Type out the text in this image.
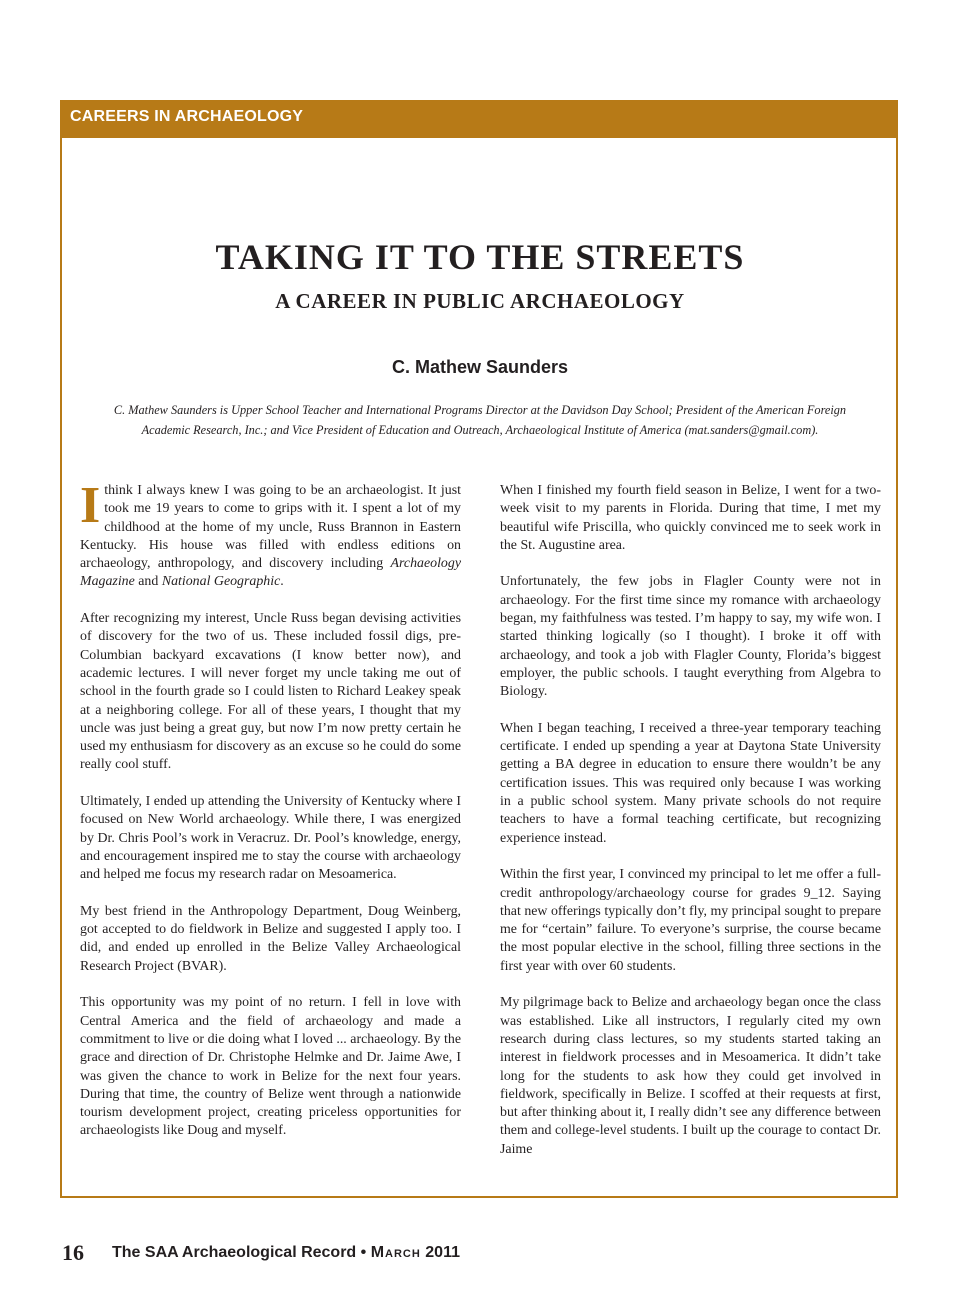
CAREERS IN ARCHAEOLOGY
TAKING IT TO THE STREETS
A CAREER IN PUBLIC ARCHAEOLOGY
C. Mathew Saunders
C. Mathew Saunders is Upper School Teacher and International Programs Director at the Davidson Day School; President of the American Foreign
Academic Research, Inc.; and Vice President of Education and Outreach, Archaeological Institute of America (mat.sanders@gmail.com).

Ithink I always knew I was going to be an archaeologist. It just took me 19 years to come to grips with it. I spent a lot of my childhood at the home of my uncle, Russ Brannon in Eastern Kentucky. His house was filled with endless editions on archaeology, anthropology, and discovery including Archaeology Magazine and National Geographic.

After recognizing my interest, Uncle Russ began devising activities of discovery for the two of us. These included fossil digs, pre-Columbian backyard excavations (I know better now), and academic lectures. I will never forget my uncle taking me out of school in the fourth grade so I could listen to Richard Leakey speak at a neighboring college. For all of these years, I thought that my uncle was just being a great guy, but now I’m now pretty certain he used my enthusiasm for discovery as an excuse so he could do some really cool stuff.

Ultimately, I ended up attending the University of Kentucky where I focused on New World archaeology. While there, I was energized by Dr. Chris Pool’s work in Veracruz. Dr. Pool’s knowledge, energy, and encouragement inspired me to stay the course with archaeology and helped me focus my research radar on Mesoamerica.

My best friend in the Anthropology Department, Doug Weinberg, got accepted to do fieldwork in Belize and suggested I apply too. I did, and ended up enrolled in the Belize Valley Archaeological Research Project (BVAR).

This opportunity was my point of no return. I fell in love with Central America and the field of archaeology and made a commitment to live or die doing what I loved ... archaeology. By the grace and direction of Dr. Christophe Helmke and Dr. Jaime Awe, I was given the chance to work in Belize for the next four years. During that time, the country of Belize went through a nationwide tourism development project, creating priceless opportunities for archaeologists like Doug and myself.

When I finished my fourth field season in Belize, I went for a two-week visit to my parents in Florida. During that time, I met my beautiful wife Priscilla, who quickly convinced me to seek work in the St. Augustine area.

Unfortunately, the few jobs in Flagler County were not in archaeology. For the first time since my romance with archaeology began, my faithfulness was tested. I’m happy to say, my wife won. I started thinking logically (so I thought). I broke it off with archaeology, and took a job with Flagler County, Florida’s biggest employer, the public schools. I taught everything from Algebra to Biology.

When I began teaching, I received a three-year temporary teaching certificate. I ended up spending a year at Daytona State University getting a BA degree in education to ensure there wouldn’t be any certification issues. This was required only because I was working in a public school system. Many private schools do not require teachers to have a formal teaching certificate, but recognizing experience instead.

Within the first year, I convinced my principal to let me offer a full-credit anthropology/archaeology course for grades 9_12. Saying that new offerings typically don’t fly, my principal sought to prepare me for “certain” failure. To everyone’s surprise, the course became the most popular elective in the school, filling three sections in the first year with over 60 students.

My pilgrimage back to Belize and archaeology began once the class was established. Like all instructors, I regularly cited my own research during class lectures, so my students started taking an interest in fieldwork processes and in Mesoamerica. It didn’t take long for the students to ask how they could get involved in fieldwork, specifically in Belize. I scoffed at their requests at first, but after thinking about it, I really didn’t see any difference between them and college-level students. I built up the courage to contact Dr. Jaime

16 The SAA Archaeological Record • March 2011
